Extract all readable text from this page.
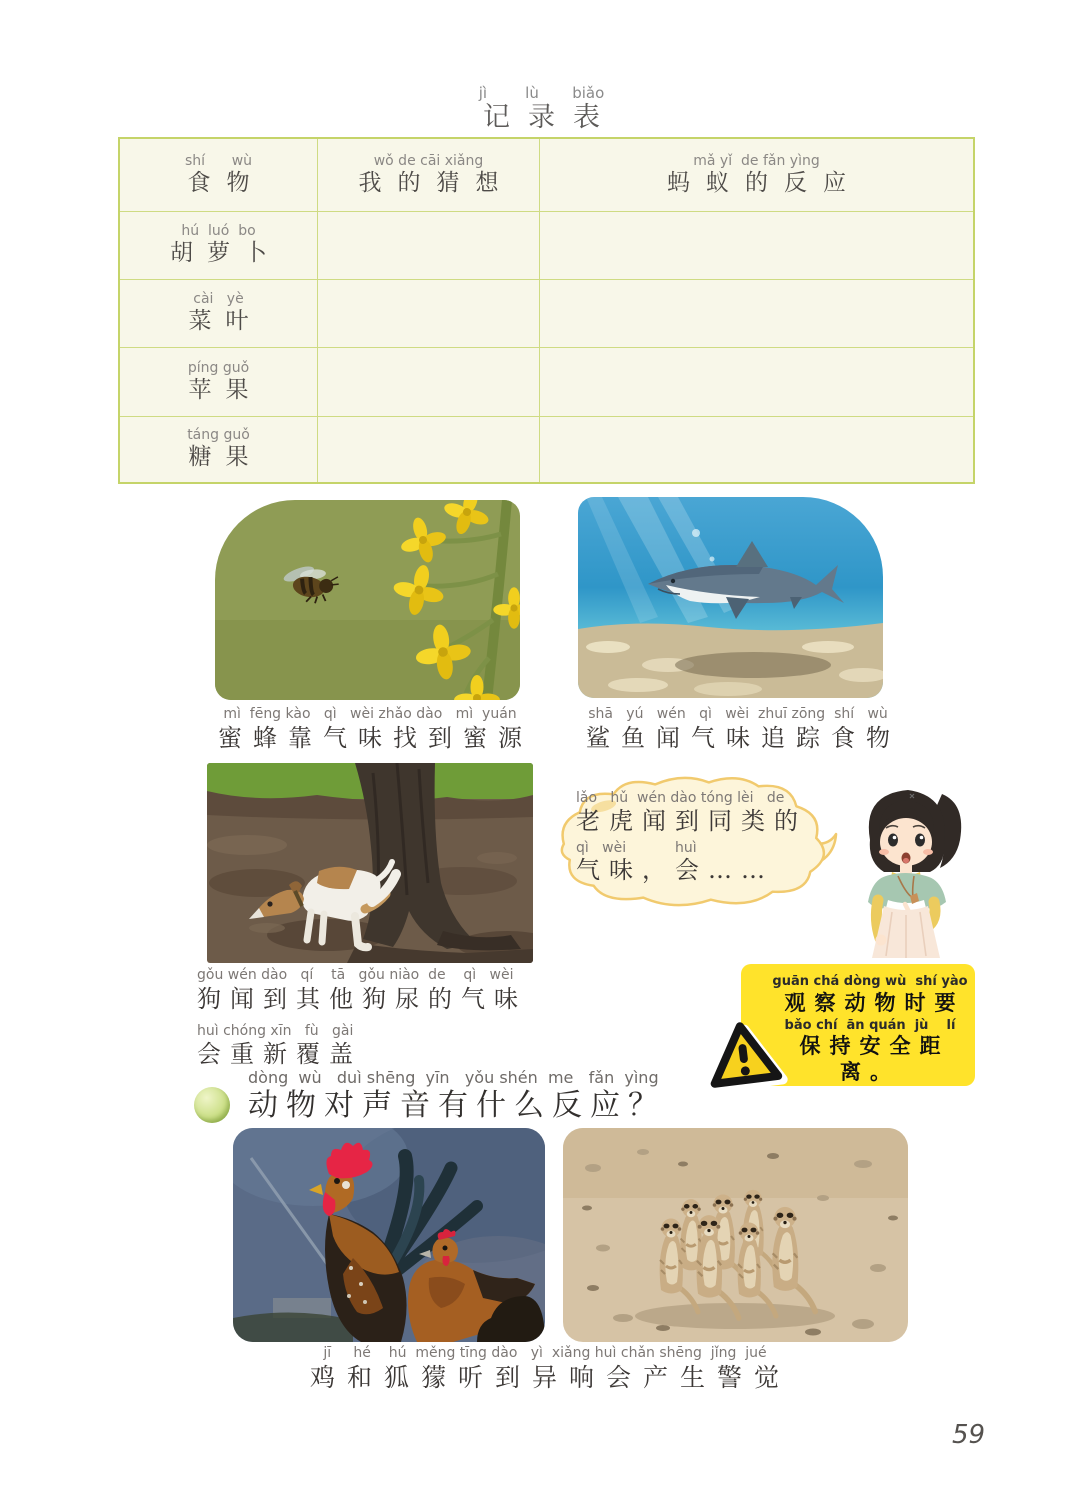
jì        lù       biǎo
记录表
shí      wù
食物
wǒ de cāi xiǎng
我的猜想
mǎ yǐ  de fǎn yìng
蚂蚁的反应
hú  luó  bo
胡萝卜
cài   yè
菜叶
píng guǒ
苹果
táng guǒ
糖果
mì  fēng kào   qì   wèi zhǎo dào   mì  yuán
蜜蜂靠气味找到蜜源
shā   yú   wén   qì   wèi  zhuī zōng  shí   wù
鲨鱼闻气味追踪食物
lǎo   hǔ  wén dào tóng lèi   de
老虎闻到同类的
qì   wèi           huì
气味，会……
gǒu wén dào   qí    tā   gǒu niào  de    qì   wèi
狗闻到其他狗尿的气味
huì chóng xīn   fù   gài
会重新覆盖
guān chá dòng wù  shí yào
观察动物时要
bǎo chí  ān quán  jù    lí
保持安全距离。
dòng  wù   duì shēng  yīn   yǒu shén  me   fǎn  yìng
动物对声音有什么反应？
jī     hé    hú  měng tīng dào   yì  xiǎng huì chǎn shēng  jǐng  jué
鸡和狐獴听到异响会产生警觉
59
